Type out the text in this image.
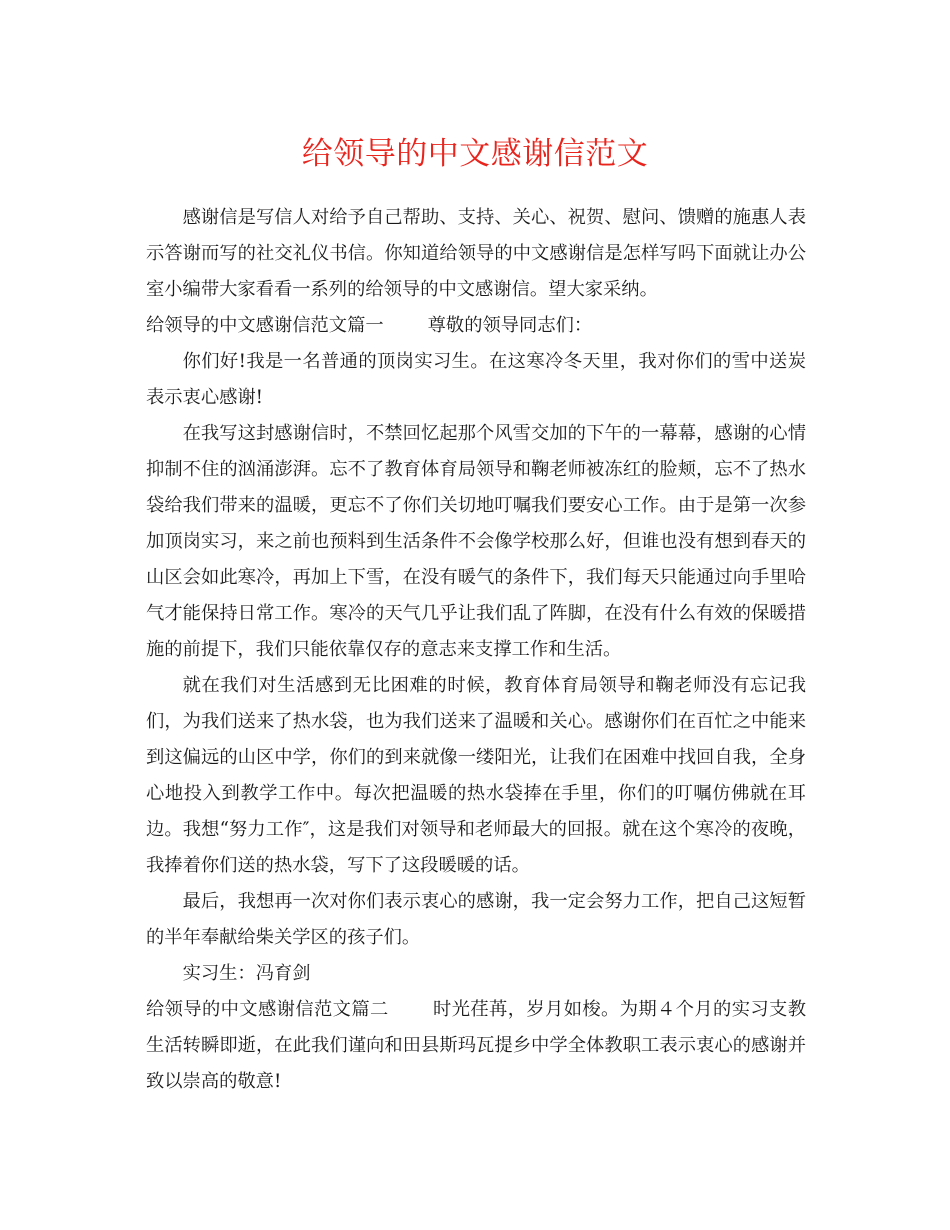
给领导的中文感谢信范文

感谢信是写信人对给予自己帮助、支持、关心、祝贺、慰问、馈赠的施惠人表示答谢而写的社交礼仪书信。你知道给领导的中文感谢信是怎样写吗下面就让办公室小编带大家看看一系列的给领导的中文感谢信。望大家采纳。

给领导的中文感谢信范文篇一 尊敬的领导同志们：

你们好!我是一名普通的顶岗实习生。在这寒冷冬天里，我对你们的雪中送炭表示衷心感谢!

在我写这封感谢信时，不禁回忆起那个风雪交加的下午的一幕幕，感谢的心情抑制不住的汹涌澎湃。忘不了教育体育局领导和鞠老师被冻红的脸颊，忘不了热水袋给我们带来的温暖，更忘不了你们关切地叮嘱我们要安心工作。由于是第一次参加顶岗实习，来之前也预料到生活条件不会像学校那么好，但谁也没有想到春天的山区会如此寒冷，再加上下雪，在没有暖气的条件下，我们每天只能通过向手里哈气才能保持日常工作。寒冷的天气几乎让我们乱了阵脚，在没有什么有效的保暖措施的前提下，我们只能依靠仅存的意志来支撑工作和生活。

就在我们对生活感到无比困难的时候，教育体育局领导和鞠老师没有忘记我们，为我们送来了热水袋，也为我们送来了温暖和关心。感谢你们在百忙之中能来到这偏远的山区中学，你们的到来就像一缕阳光，让我们在困难中找回自我，全身心地投入到教学工作中。每次把温暖的热水袋捧在手里，你们的叮嘱仿佛就在耳边。我想“努力工作″，这是我们对领导和老师最大的回报。就在这个寒冷的夜晚，我捧着你们送的热水袋，写下了这段暖暖的话。

最后，我想再一次对你们表示衷心的感谢，我一定会努力工作，把自己这短暂的半年奉献给柴关学区的孩子们。

实习生：冯育剑

给领导的中文感谢信范文篇二 时光荏苒，岁月如梭。为期４个月的实习支教生活转瞬即逝，在此我们谨向和田县斯玛瓦提乡中学全体教职工表示衷心的感谢并致以崇高的敬意!
